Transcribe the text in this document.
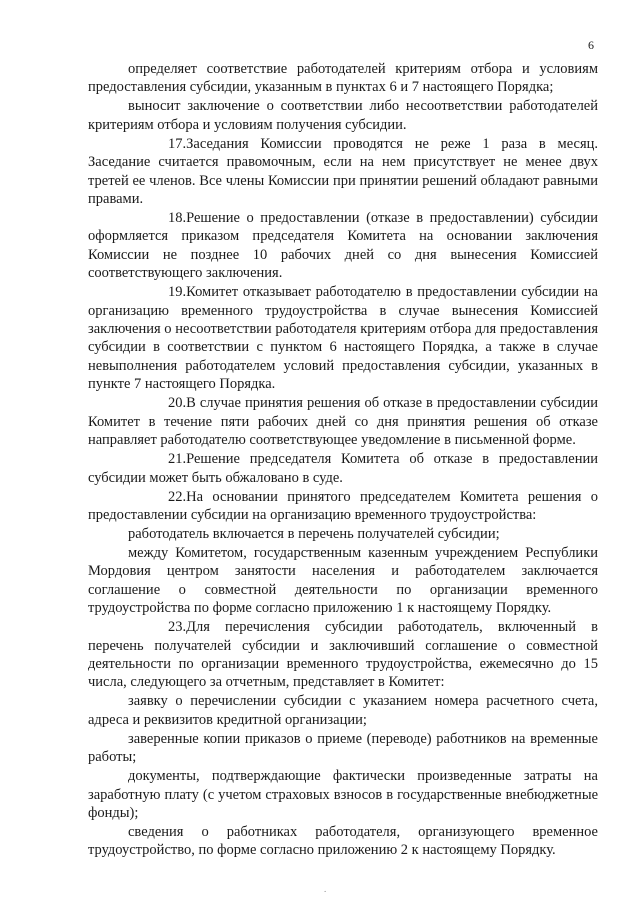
6

определяет соответствие работодателей критериям отбора и условиям предоставления субсидии, указанным в пунктах 6 и 7 настоящего Порядка;

выносит заключение о соответствии либо несоответствии работодателей критериям отбора и условиям получения субсидии.

17.Заседания Комиссии проводятся не реже 1 раза в месяц. Заседание считается правомочным, если на нем присутствует не менее двух третей ее членов. Все члены Комиссии при принятии решений обладают равными правами.

18.Решение о предоставлении (отказе в предоставлении) субсидии оформляется приказом председателя Комитета на основании заключения Комиссии не позднее 10 рабочих дней со дня вынесения Комиссией соответствующего заключения.

19.Комитет отказывает работодателю в предоставлении субсидии на организацию временного трудоустройства в случае вынесения Комиссией заключения о несоответствии работодателя критериям отбора для предоставления субсидии в соответствии с пунктом 6 настоящего Порядка, а также в случае невыполнения работодателем условий предоставления субсидии, указанных в пункте 7 настоящего Порядка.

20.В случае принятия решения об отказе в предоставлении субсидии Комитет в течение пяти рабочих дней со дня принятия решения об отказе направляет работодателю соответствующее уведомление в письменной форме.

21.Решение председателя Комитета об отказе в предоставлении субсидии может быть обжаловано в суде.

22.На основании принятого председателем Комитета решения о предоставлении субсидии на организацию временного трудоустройства:

работодатель включается в перечень получателей субсидии;

между Комитетом, государственным казенным учреждением Республики Мордовия центром занятости населения и работодателем заключается соглашение о совместной деятельности по организации временного трудоустройства по форме согласно приложению 1 к настоящему Порядку.

23.Для перечисления субсидии работодатель, включенный в перечень получателей субсидии и заключивший соглашение о совместной деятельности по организации временного трудоустройства, ежемесячно до 15 числа, следующего за отчетным, представляет в Комитет:

заявку о перечислении субсидии с указанием номера расчетного счета, адреса и реквизитов кредитной организации;

заверенные копии приказов о приеме (переводе) работников на временные работы;

документы, подтверждающие фактически произведенные затраты на заработную плату (с учетом страховых взносов в государственные внебюджетные фонды);

сведения о работниках работодателя, организующего временное трудоустройство, по форме согласно приложению 2 к настоящему Порядку.

.
